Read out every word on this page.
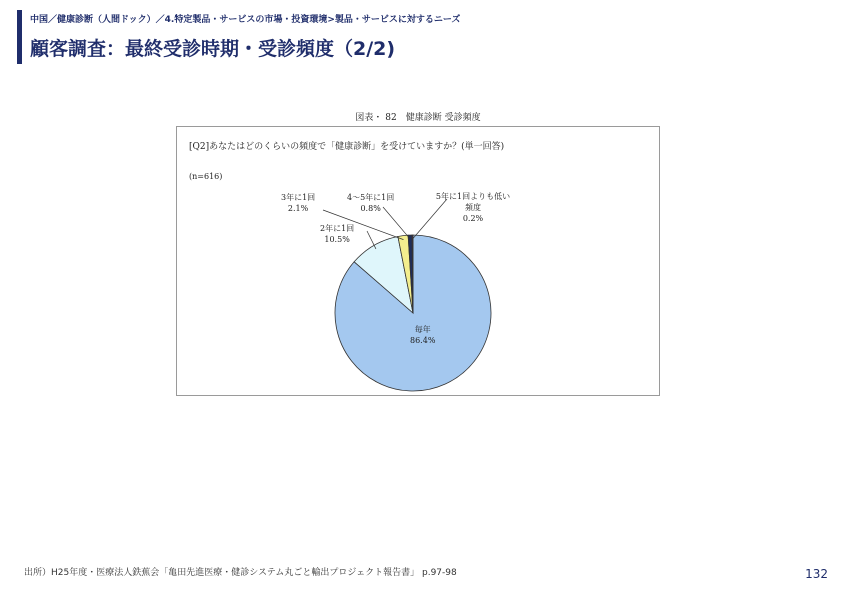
中国／健康診断（人間ドック）／4.特定製品・サービスの市場・投資環境>製品・サービスに対するニーズ
顧客調査：最終受診時期・受診頻度（2/2)
図表・ 82　健康診断 受診頻度
[Q2]あなたはどのくらいの頻度で「健康診断」を受けていますか？(単一回答)
(n=616)
毎年
86.4%
2年に1回
10.5%
3年に1回
2.1%
4～5年に1回
0.8%
5年に1回よりも低い頻度
0.2%
出所）H25年度・医療法人鉄蕉会「亀田先進医療・健診システム丸ごと輸出プロジェクト報告書」 p.97-98	132
